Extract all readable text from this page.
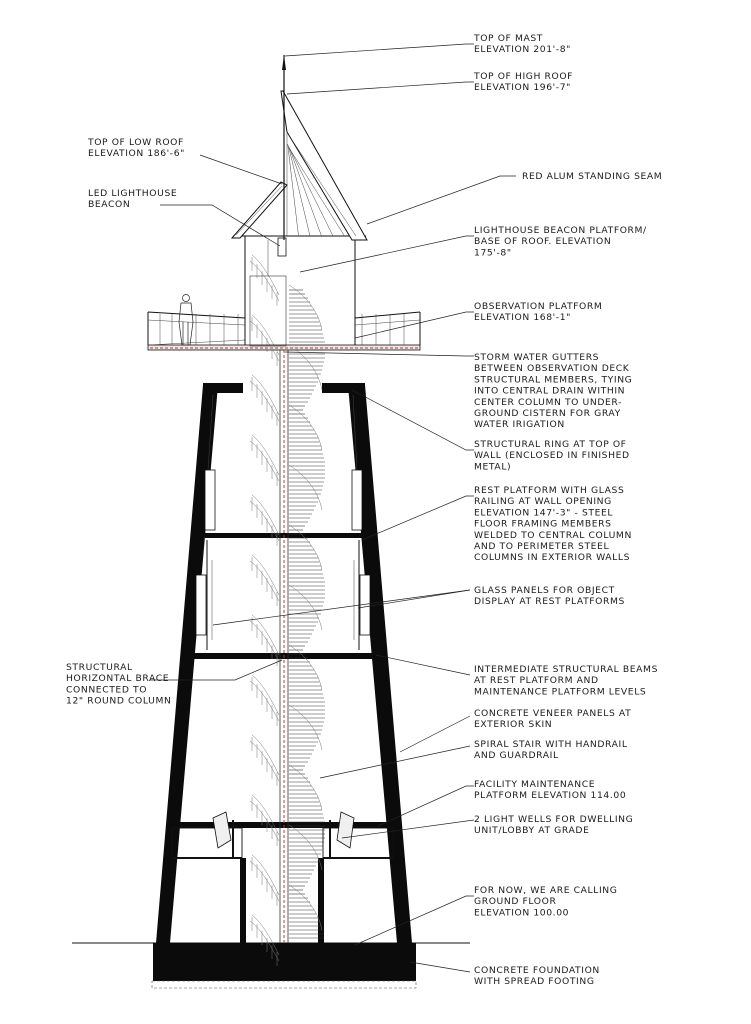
TOP OF MAST ELEVATION 201'-8"
TOP OF HIGH ROOF ELEVATION 196'-7"
TOP OF LOW ROOF ELEVATION 186'-6"
LED LIGHTHOUSE BEACON
RED ALUM STANDING SEAM
LIGHTHOUSE BEACON PLATFORM/ BASE OF ROOF. ELEVATION 175'-8"
OBSERVATION PLATFORM ELEVATION 168'-1"
STORM WATER GUTTERS BETWEEN OBSERVATION DECK STRUCTURAL MEMBERS, TYING INTO CENTRAL DRAIN WITHIN CENTER COLUMN TO UNDER-GROUND CISTERN FOR GRAY WATER IRIGATION
STRUCTURAL RING AT TOP OF WALL (ENCLOSED IN FINISHED METAL)
REST PLATFORM WITH GLASS RAILING AT WALL OPENING ELEVATION 147'-3" - STEEL FLOOR FRAMING MEMBERS WELDED TO CENTRAL COLUMN AND TO PERIMETER STEEL COLUMNS IN EXTERIOR WALLS
GLASS PANELS FOR OBJECT DISPLAY AT REST PLATFORMS
STRUCTURAL HORIZONTAL BRACE CONNECTED TO 12" ROUND COLUMN
INTERMEDIATE STRUCTURAL BEAMS AT REST PLATFORM AND MAINTENANCE PLATFORM LEVELS
CONCRETE VENEER PANELS AT EXTERIOR SKIN
SPIRAL STAIR WITH HANDRAIL AND GUARDRAIL
FACILITY MAINTENANCE PLATFORM ELEVATION 114.00
2 LIGHT WELLS FOR DWELLING UNIT/LOBBY AT GRADE
FOR NOW, WE ARE CALLING GROUND FLOOR ELEVATION 100.00
CONCRETE FOUNDATION WITH SPREAD FOOTING
